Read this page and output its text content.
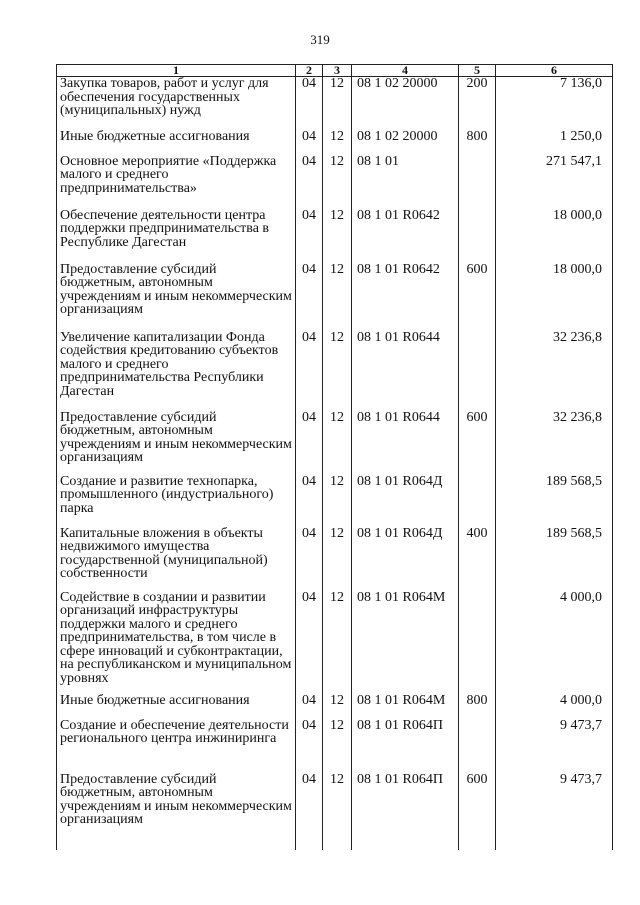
319
1	2	3	4	5	6
Закупка товаров, работ и услуг для обеспечения государственных (муниципальных) нужд	04	12	08 1 02 20000	200	7 136,0
Иные бюджетные ассигнования	04	12	08 1 02 20000	800	1 250,0
Основное мероприятие «Поддержка малого и среднего предпринимательства»	04	12	08 1 01		271 547,1
Обеспечение деятельности центра поддержки предпринимательства в Республике Дагестан	04	12	08 1 01 R0642		18 000,0
Предоставление субсидий бюджетным, автономным учреждениям и иным некоммерческим организациям	04	12	08 1 01 R0642	600	18 000,0
Увеличение капитализации Фонда содействия кредитованию субъектов малого и среднего предпринимательства Республики Дагестан	04	12	08 1 01 R0644		32 236,8
Предоставление субсидий бюджетным, автономным учреждениям и иным некоммерческим организациям	04	12	08 1 01 R0644	600	32 236,8
Создание и развитие технопарка, промышленного (индустриального) парка	04	12	08 1 01 R064Д		189 568,5
Капитальные вложения в объекты недвижимого имущества государственной (муниципальной) собственности	04	12	08 1 01 R064Д	400	189 568,5
Содействие в создании и развитии организаций инфраструктуры поддержки малого и среднего предпринимательства, в том числе в сфере инноваций и субконтрактации, на республиканском и муниципальном уровнях	04	12	08 1 01 R064М		4 000,0
Иные бюджетные ассигнования	04	12	08 1 01 R064М	800	4 000,0
Создание и обеспечение деятельности регионального центра инжиниринга	04	12	08 1 01 R064П		9 473,7
Предоставление субсидий бюджетным, автономным учреждениям и иным некоммерческим организациям	04	12	08 1 01 R064П	600	9 473,7
